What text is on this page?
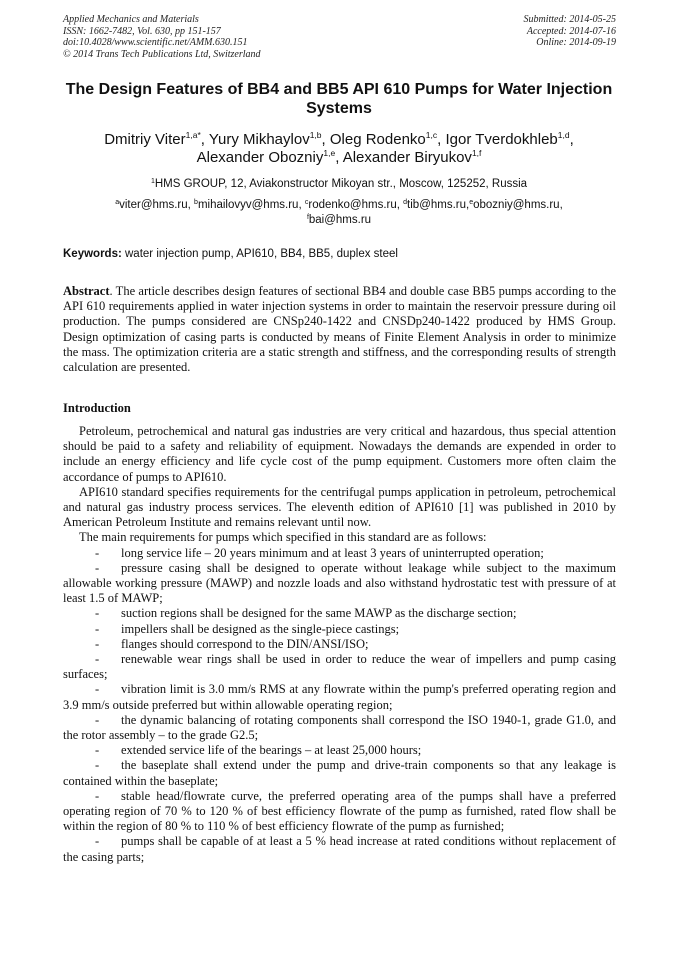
Applied Mechanics and Materials
ISSN: 1662-7482, Vol. 630, pp 151-157
doi:10.4028/www.scientific.net/AMM.630.151
© 2014 Trans Tech Publications Ltd, Switzerland
Submitted: 2014-05-25
Accepted: 2014-07-16
Online: 2014-09-19
The Design Features of BB4 and BB5 API 610 Pumps for Water Injection Systems
Dmitriy Viter$^{1,a*}$, Yury Mikhaylov$^{1,b}$, Oleg Rodenko$^{1,c}$, Igor Tverdokhleb$^{1,d}$,
Alexander Obozniy$^{1,e}$, Alexander Biryukov$^{1,f}$
$^1$HMS GROUP, 12, Aviakonstructor Mikoyan str., Moscow, 125252, Russia
$^a$viter@hms.ru, $^b$mihailovyv@hms.ru, $^c$rodenko@hms.ru, $^d$tib@hms.ru,$^e$obozniy@hms.ru,
$^f$bai@hms.ru
Keywords: water injection pump, API610, BB4, BB5, duplex steel
Abstract. The article describes design features of sectional BB4 and double case BB5 pumps according to the API 610 requirements applied in water injection systems in order to maintain the reservoir pressure during oil production. The pumps considered are CNSp240-1422 and CNSDp240-1422 produced by HMS Group. Design optimization of casing parts is conducted by means of Finite Element Analysis in order to minimize the mass. The optimization criteria are a static strength and stiffness, and the corresponding results of strength calculation are presented.
Introduction

Petroleum, petrochemical and natural gas industries are very critical and hazardous, thus special attention should be paid to a safety and reliability of equipment. Nowadays the demands are expended in order to include an energy efficiency and life cycle cost of the pump equipment. Customers more often claim the accordance of pumps to API610.

API610 standard specifies requirements for the centrifugal pumps application in petroleum, petrochemical and natural gas industry process services. The eleventh edition of API610 [1] was published in 2010 by American Petroleum Institute and remains relevant until now.

The main requirements for pumps which specified in this standard are as follows:

- long service life – 20 years minimum and at least 3 years of uninterrupted operation;

- pressure casing shall be designed to operate without leakage while subject to the maximum allowable working pressure (MAWP) and nozzle loads and also withstand hydrostatic test with pressure of at least 1.5 of MAWP;

- suction regions shall be designed for the same MAWP as the discharge section;

- impellers shall be designed as the single-piece castings;

- flanges should correspond to the DIN/ANSI/ISO;

- renewable wear rings shall be used in order to reduce the wear of impellers and pump casing surfaces;

- vibration limit is 3.0 mm/s RMS at any flowrate within the pump's preferred operating region and 3.9 mm/s outside preferred but within allowable operating region;

- the dynamic balancing of rotating components shall correspond the ISO 1940-1, grade G1.0, and the rotor assembly – to the grade G2.5;

- extended service life of the bearings – at least 25,000 hours;

- the baseplate shall extend under the pump and drive-train components so that any leakage is contained within the baseplate;

- stable head/flowrate curve, the preferred operating area of the pumps shall have a preferred operating region of 70 % to 120 % of best efficiency flowrate of the pump as furnished, rated flow shall be within the region of 80 % to 110 % of best efficiency flowrate of the pump as furnished;

- pumps shall be capable of at least a 5 % head increase at rated conditions without replacement of the casing parts;
